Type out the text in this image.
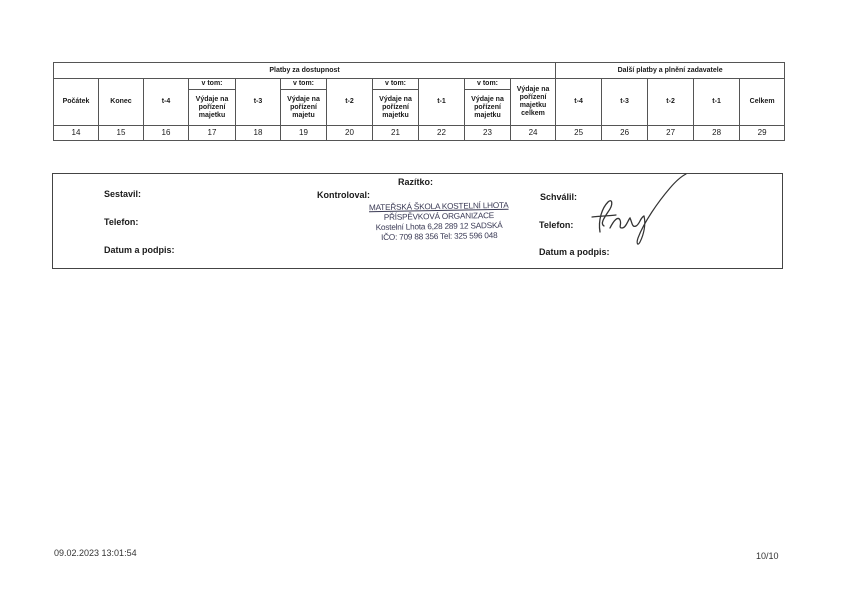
Platby za dostupnost											Další platby a plnění zadavatele				
Počátek	Konec	t-4	v tom:	t-3	v tom:	t-2	v tom:	t-1	v tom:	Výdaje na pořízení majetku celkem	t-4	t-3	t-2	t-1	Celkem
			Výdaje na pořízení majetku		Výdaje na pořízení majetu		Výdaje na pořízení majetku		Výdaje na pořízení majetku						
14	15	16	17	18	19	20	21	22	23	24	25	26	27	28	29
Sestavil:
Telefon:
Datum a podpis:
Kontroloval:
Razítko:
Schválil:
Telefon:
Datum a podpis:
MATEŘSKÁ ŠKOLA KOSTELNÍ LHOTA
PŘÍSPĚVKOVÁ ORGANIZACE
Kostelní Lhota 6,28 289 12 SADSKÁ
IČO: 709 88 356 Tel: 325 596 048
09.02.2023 13:01:54	10/10
